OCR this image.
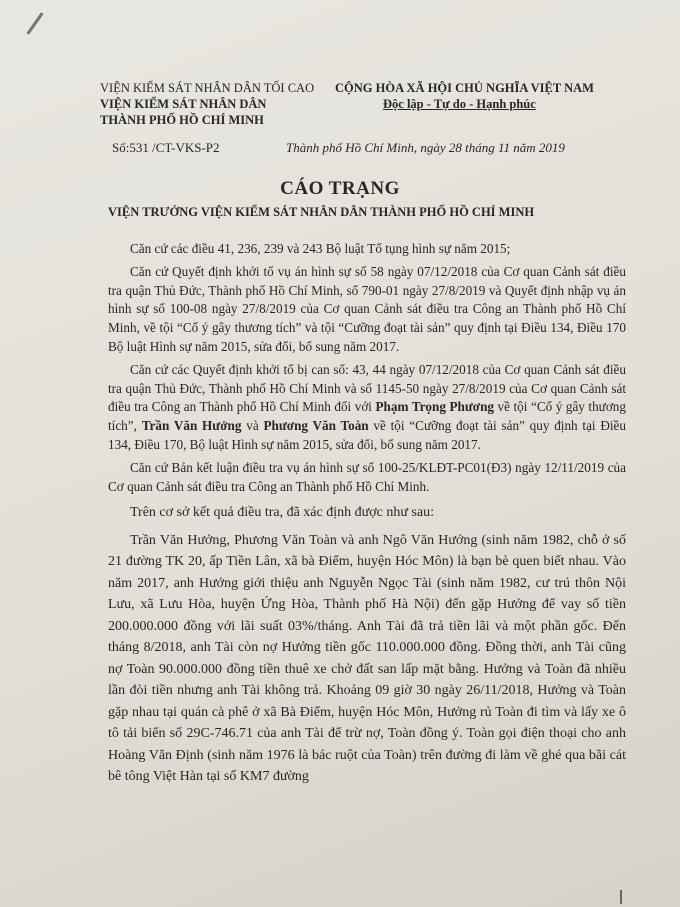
VIỆN KIỂM SÁT NHÂN DÂN TỐI CAO
VIỆN KIỂM SÁT NHÂN DÂN
THÀNH PHỐ HỒ CHÍ MINH
CỘNG HÒA XÃ HỘI CHỦ NGHĨA VIỆT NAM
Độc lập - Tự do - Hạnh phúc
Số:531 /CT-VKS-P2	Thành phố Hồ Chí Minh, ngày 28 tháng 11 năm 2019
CÁO TRẠNG
VIỆN TRƯỞNG VIỆN KIỂM SÁT NHÂN DÂN THÀNH PHỐ HỒ CHÍ MINH

Căn cứ các điều 41, 236, 239 và 243 Bộ luật Tố tụng hình sự năm 2015;

Căn cứ Quyết định khởi tố vụ án hình sự số 58 ngày 07/12/2018 của Cơ quan Cảnh sát điều tra quận Thủ Đức, Thành phố Hồ Chí Minh, số 790-01 ngày 27/8/2019 và Quyết định nhập vụ án hình sự số 100-08 ngày 27/8/2019 của Cơ quan Cảnh sát điều tra Công an Thành phố Hồ Chí Minh, về tội “Cố ý gây thương tích” và tội “Cưỡng đoạt tài sản” quy định tại Điều 134, Điều 170 Bộ luật Hình sự năm 2015, sửa đổi, bổ sung năm 2017.

Căn cứ các Quyết định khởi tố bị can số: 43, 44 ngày 07/12/2018 của Cơ quan Cảnh sát điều tra quận Thủ Đức, Thành phố Hồ Chí Minh và số 1145-50 ngày 27/8/2019 của Cơ quan Cảnh sát điều tra Công an Thành phố Hồ Chí Minh đối với Phạm Trọng Phương về tội “Cố ý gây thương tích”, Trần Văn Hưởng và Phương Văn Toàn về tội “Cưỡng đoạt tài sản” quy định tại Điều 134, Điều 170, Bộ luật Hình sự năm 2015, sửa đổi, bổ sung năm 2017.

Căn cứ Bản kết luận điều tra vụ án hình sự số 100-25/KLĐT-PC01(Đ3) ngày 12/11/2019 của Cơ quan Cảnh sát điều tra Công an Thành phố Hồ Chí Minh.

Trên cơ sở kết quả điều tra, đã xác định được như sau:

Trần Văn Hưởng, Phương Văn Toàn và anh Ngô Văn Hướng (sinh năm 1982, chỗ ở số 21 đường TK 20, ấp Tiền Lân, xã bà Điểm, huyện Hóc Môn) là bạn bè quen biết nhau. Vào năm 2017, anh Hướng giới thiệu anh Nguyễn Ngọc Tài (sinh năm 1982, cư trú thôn Nội Lưu, xã Lưu Hòa, huyện Ứng Hòa, Thành phố Hà Nội) đến gặp Hưởng để vay số tiền 200.000.000 đồng với lãi suất 03%/tháng. Anh Tài đã trả tiền lãi và một phần gốc. Đến tháng 8/2018, anh Tài còn nợ Hưởng tiền gốc 110.000.000 đồng. Đồng thời, anh Tài cũng nợ Toàn 90.000.000 đồng tiền thuê xe chở đất san lấp mặt bằng. Hưởng và Toàn đã nhiều lần đòi tiền nhưng anh Tài không trả. Khoảng 09 giờ 30 ngày 26/11/2018, Hưởng và Toàn gặp nhau tại quán cà phê ở xã Bà Điểm, huyện Hóc Môn, Hưởng rủ Toàn đi tìm và lấy xe ô tô tải biển số 29C-746.71 của anh Tài để trừ nợ, Toàn đồng ý. Toàn gọi điện thoại cho anh Hoàng Văn Định (sinh năm 1976 là bác ruột của Toàn) trên đường đi làm về ghé qua bãi cát bê tông Việt Hàn tại số KM7 đường
